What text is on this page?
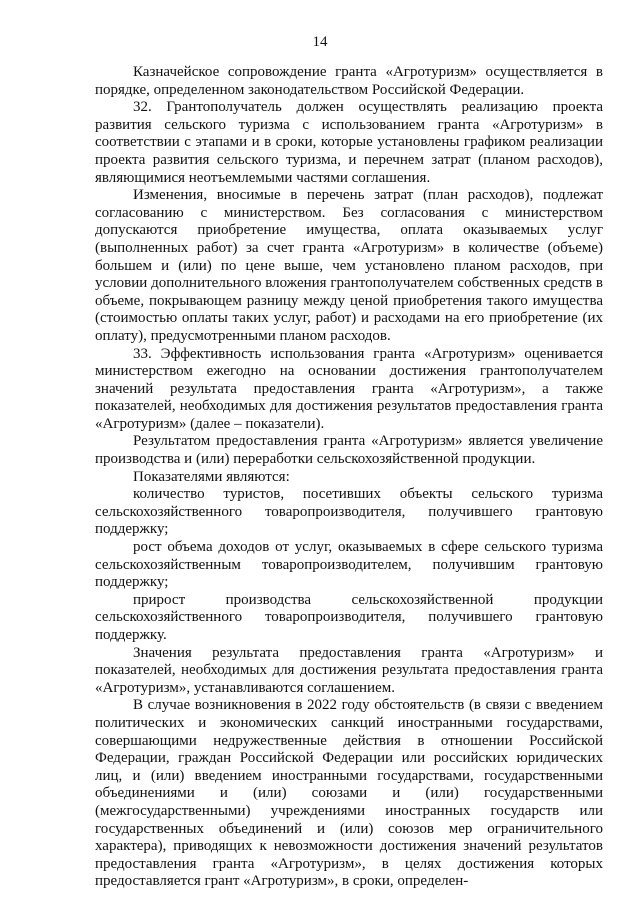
14

Казначейское сопровождение гранта «Агротуризм» осуществляется в порядке, определенном законодательством Российской Федерации.

32. Грантополучатель должен осуществлять реализацию проекта развития сельского туризма с использованием гранта «Агротуризм» в соответствии с этапами и в сроки, которые установлены графиком реализации проекта развития сельского туризма, и перечнем затрат (планом расходов), являющимися неотъемлемыми частями соглашения.

Изменения, вносимые в перечень затрат (план расходов), подлежат согласованию с министерством. Без согласования с министерством допускаются приобретение имущества, оплата оказываемых услуг (выполненных работ) за счет гранта «Агротуризм» в количестве (объеме) большем и (или) по цене выше, чем установлено планом расходов, при условии дополнительного вложения грантополучателем собственных средств в объеме, покрывающем разницу между ценой приобретения такого имущества (стоимостью оплаты таких услуг, работ) и расходами на его приобретение (их оплату), предусмотренными планом расходов.

33. Эффективность использования гранта «Агротуризм» оценивается министерством ежегодно на основании достижения грантополучателем значений результата предоставления гранта «Агротуризм», а также показателей, необходимых для достижения результатов предоставления гранта «Агротуризм» (далее – показатели).

Результатом предоставления гранта «Агротуризм» является увеличение производства и (или) переработки сельскохозяйственной продукции.

Показателями являются:

количество туристов, посетивших объекты сельского туризма сельскохозяйственного товаропроизводителя, получившего грантовую поддержку;

рост объема доходов от услуг, оказываемых в сфере сельского туризма сельскохозяйственным товаропроизводителем, получившим грантовую поддержку;

прирост производства сельскохозяйственной продукции сельскохозяйственного товаропроизводителя, получившего грантовую поддержку.

Значения результата предоставления гранта «Агротуризм» и показателей, необходимых для достижения результата предоставления гранта «Агротуризм», устанавливаются соглашением.

В случае возникновения в 2022 году обстоятельств (в связи с введением политических и экономических санкций иностранными государствами, совершающими недружественные действия в отношении Российской Федерации, граждан Российской Федерации или российских юридических лиц, и (или) введением иностранными государствами, государственными объединениями и (или) союзами и (или) государственными (межгосударственными) учреждениями иностранных государств или государственных объединений и (или) союзов мер ограничительного характера), приводящих к невозможности достижения значений результатов предоставления гранта «Агротуризм», в целях достижения которых предоставляется грант «Агротуризм», в сроки, определен-
